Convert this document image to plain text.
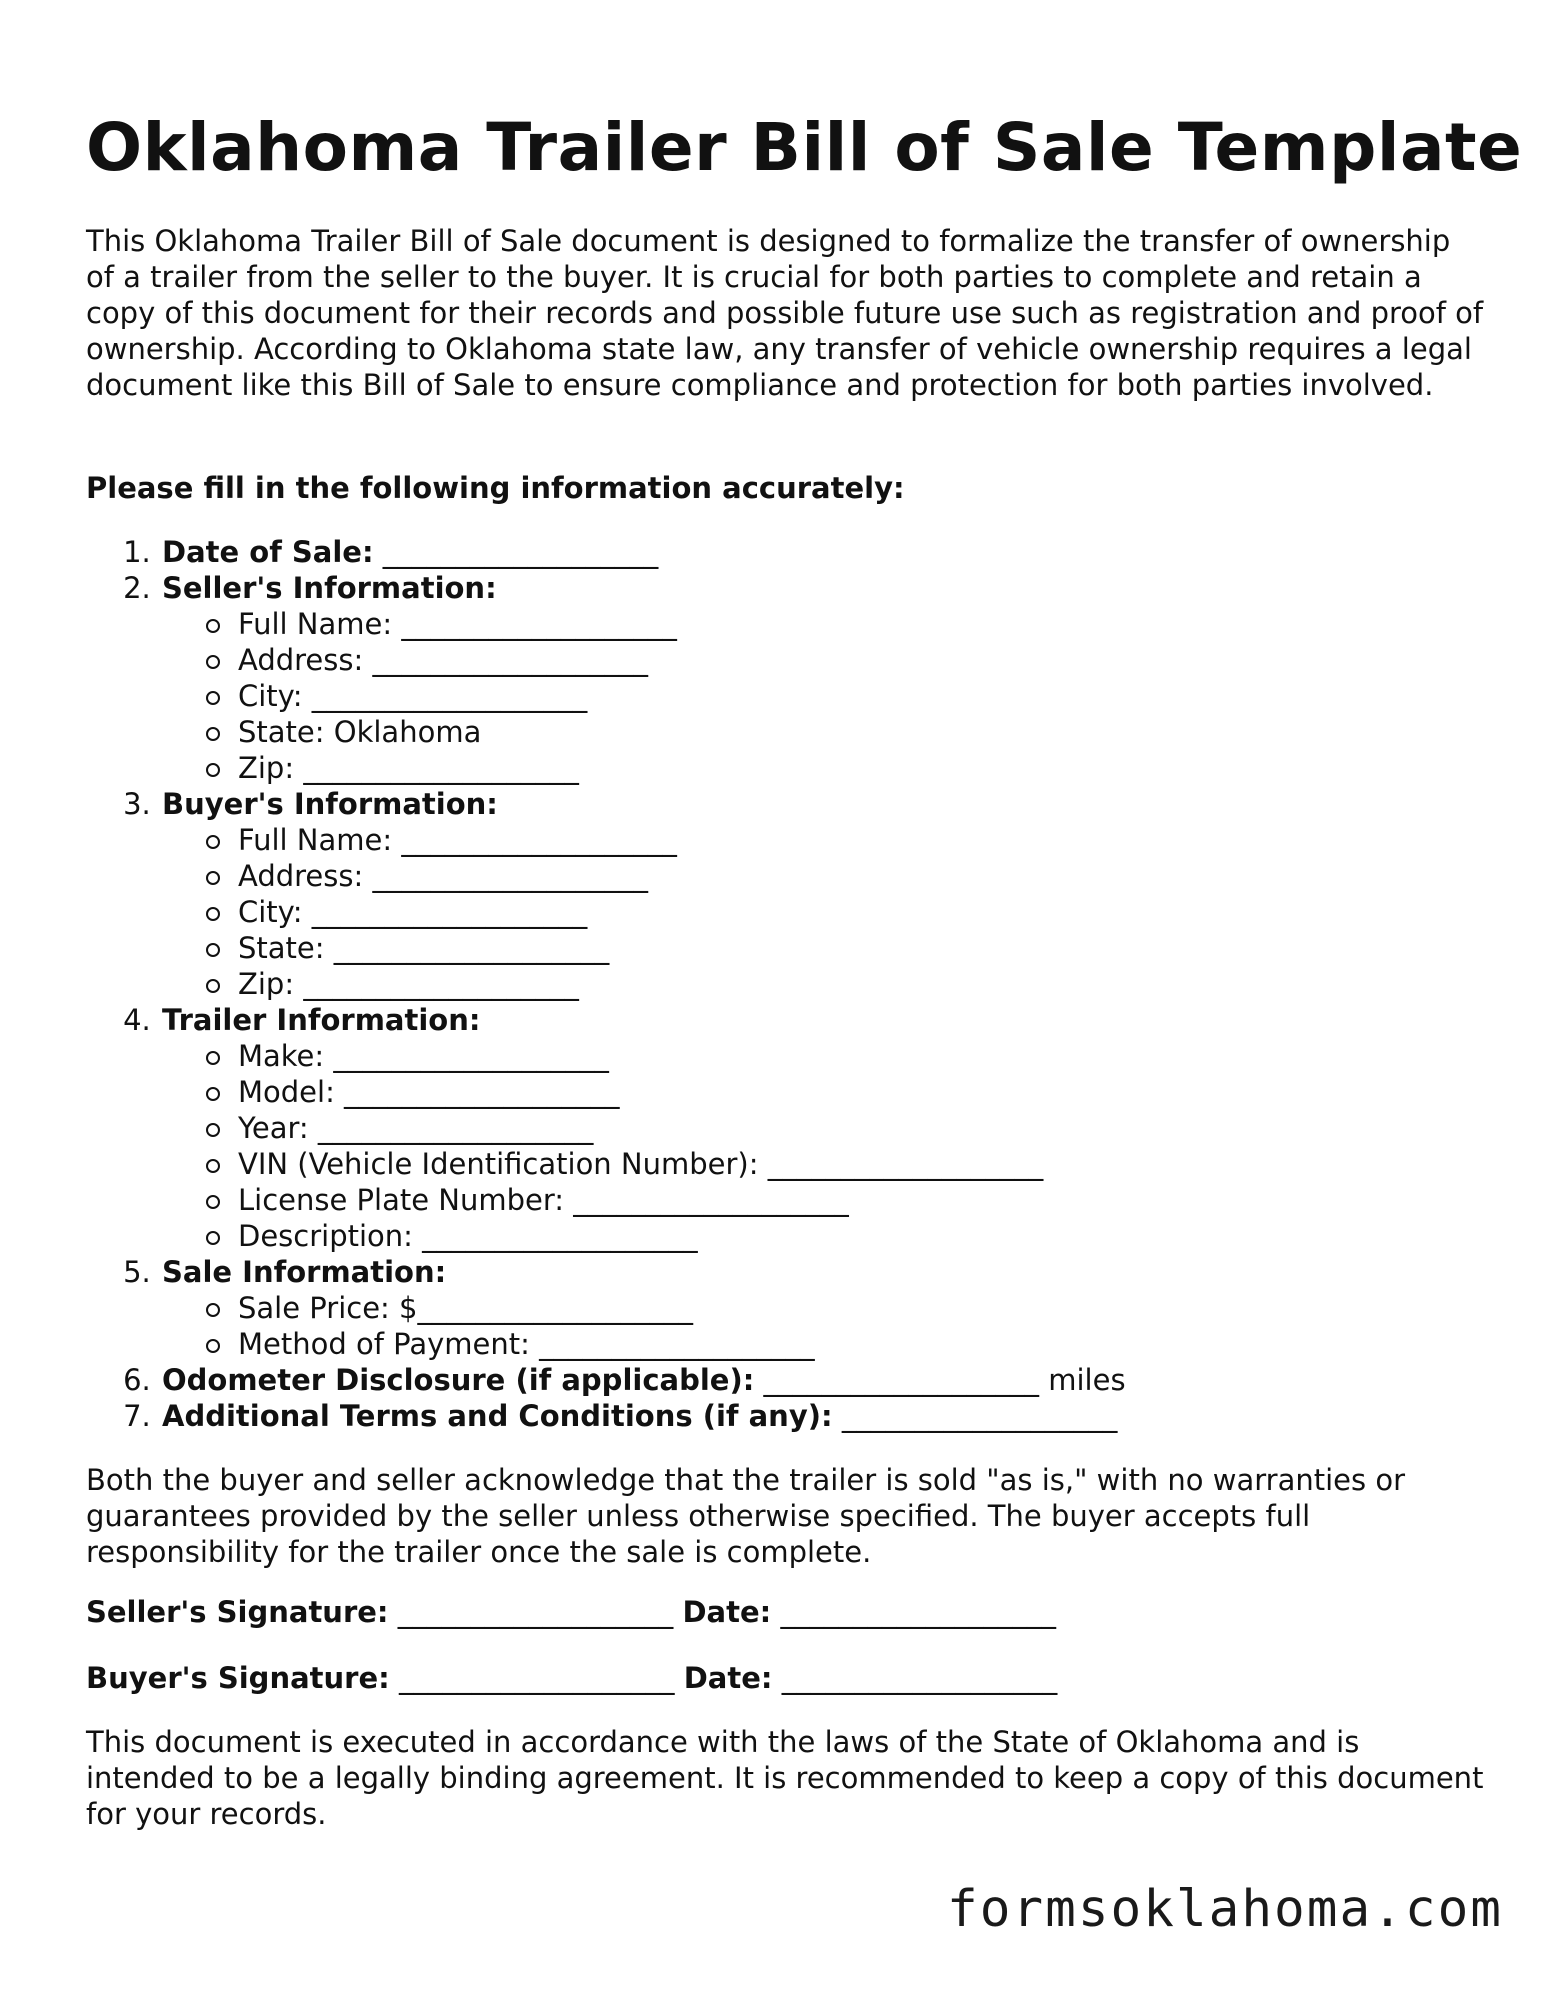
Oklahoma Trailer Bill of Sale Template

This Oklahoma Trailer Bill of Sale document is designed to formalize the transfer of ownership of a trailer from the seller to the buyer. It is crucial for both parties to complete and retain a copy of this document for their records and possible future use such as registration and proof of ownership. According to Oklahoma state law, any transfer of vehicle ownership requires a legal document like this Bill of Sale to ensure compliance and protection for both parties involved.

Please fill in the following information accurately:

1. Date of Sale: ___________________
2. Seller's Information:
Full Name: ___________________
Address: ___________________
City: ___________________
State: Oklahoma
Zip: ___________________
3. Buyer's Information:
Full Name: ___________________
Address: ___________________
City: ___________________
State: ___________________
Zip: ___________________
4. Trailer Information:
Make: ___________________
Model: ___________________
Year: ___________________
VIN (Vehicle Identification Number): ___________________
License Plate Number: ___________________
Description: ___________________
5. Sale Information:
Sale Price: $___________________
Method of Payment: ___________________
6. Odometer Disclosure (if applicable): ___________________ miles
7. Additional Terms and Conditions (if any): ___________________

Both the buyer and seller acknowledge that the trailer is sold "as is," with no warranties or guarantees provided by the seller unless otherwise specified. The buyer accepts full responsibility for the trailer once the sale is complete.

Seller's Signature: ___________________ Date: ___________________

Buyer's Signature: ___________________ Date: ___________________

This document is executed in accordance with the laws of the State of Oklahoma and is intended to be a legally binding agreement. It is recommended to keep a copy of this document for your records.

formsoklahoma.com
